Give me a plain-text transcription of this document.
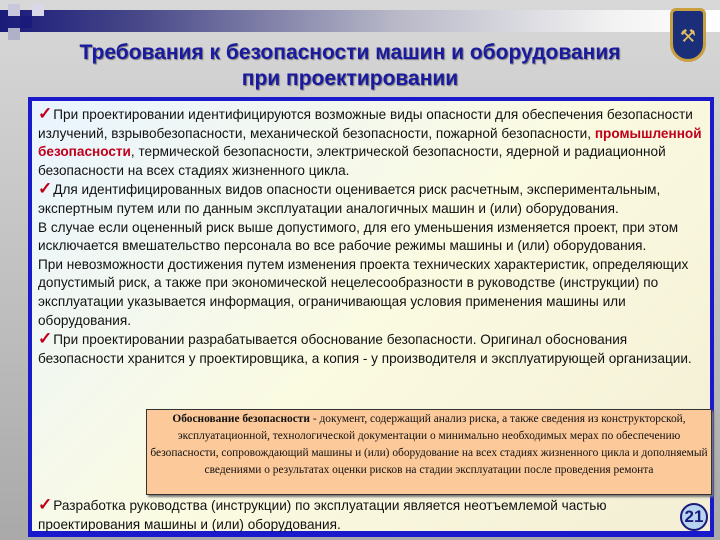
Требования к безопасности машин и оборудования
при проектировании
⚒

✓При проектировании идентифицируются возможные виды опасности для обеспечения безопасности излучений, взрывобезопасности, механической безопасности, пожарной безопасности, промышленной безопасности, термической безопасности, электрической безопасности, ядерной и радиационной безопасности на всех стадиях жизненного цикла.

✓Для идентифицированных видов опасности оценивается риск расчетным, экспериментальным, экспертным путем или по данным эксплуатации аналогичных машин и (или) оборудования.

В случае если оцененный риск выше допустимого, для его уменьшения изменяется проект, при этом исключается вмешательство персонала во все рабочие режимы машины и (или) оборудования.

При невозможности достижения путем изменения проекта технических характеристик, определяющих допустимый риск, а также при экономической нецелесообразности в руководстве (инструкции) по эксплуатации указывается информация, ограничивающая условия применения машины или оборудования.

✓При проектировании разрабатывается обоснование безопасности. Оригинал обоснования безопасности хранится у проектировщика, а копия - у производителя и эксплуатирующей организации.

✓Разработка руководства (инструкции) по эксплуатации является неотъемлемой частью проектирования машины и (или) оборудования.

Обоснование безопасности - документ, содержащий анализ риска, а также сведения из конструкторской, эксплуатационной, технологической документации о минимально необходимых мерах по обеспечению безопасности, сопровождающий машины и (или) оборудование на всех стадиях жизненного цикла и дополняемый сведениями о результатах оценки рисков на стадии эксплуатации после проведения ремонта
21
